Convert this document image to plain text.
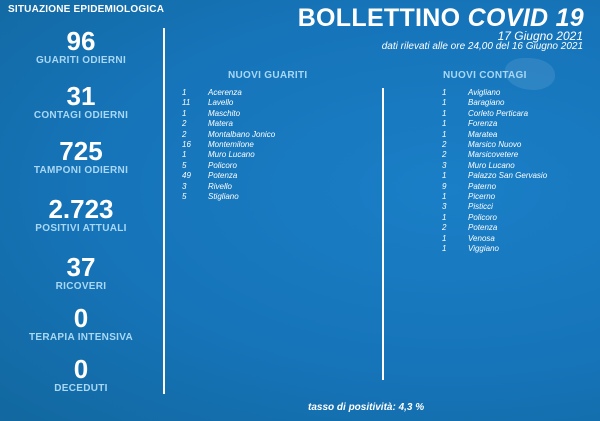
SITUAZIONE EPIDEMIOLOGICA
96
GUARITI ODIERNI
31
CONTAGI ODIERNI
725
TAMPONI ODIERNI
2.723
POSITIVI ATTUALI
37
RICOVERI
0
TERAPIA INTENSIVA
0
DECEDUTI
BOLLETTINO COVID 19
17 Giugno 2021
dati rilevati alle ore 24,00 del 16 Giugno 2021
NUOVI GUARITI
1	Acerenza
11	Lavello
1	Maschito
2	Matera
2	Montalbano Jonico
16	Montemilone
1	Muro Lucano
5	Policoro
49	Potenza
3	Rivello
5	Stigliano
NUOVI CONTAGI
1	Avigliano
1	Baragiano
1	Corleto Perticara
1	Forenza
1	Maratea
2	Marsico Nuovo
2	Marsicovetere
3	Muro Lucano
1	Palazzo San Gervasio
9	Paterno
1	Picerno
3	Pisticci
1	Policoro
2	Potenza
1	Venosa
1	Viggiano
tasso di positività: 4,3 %
